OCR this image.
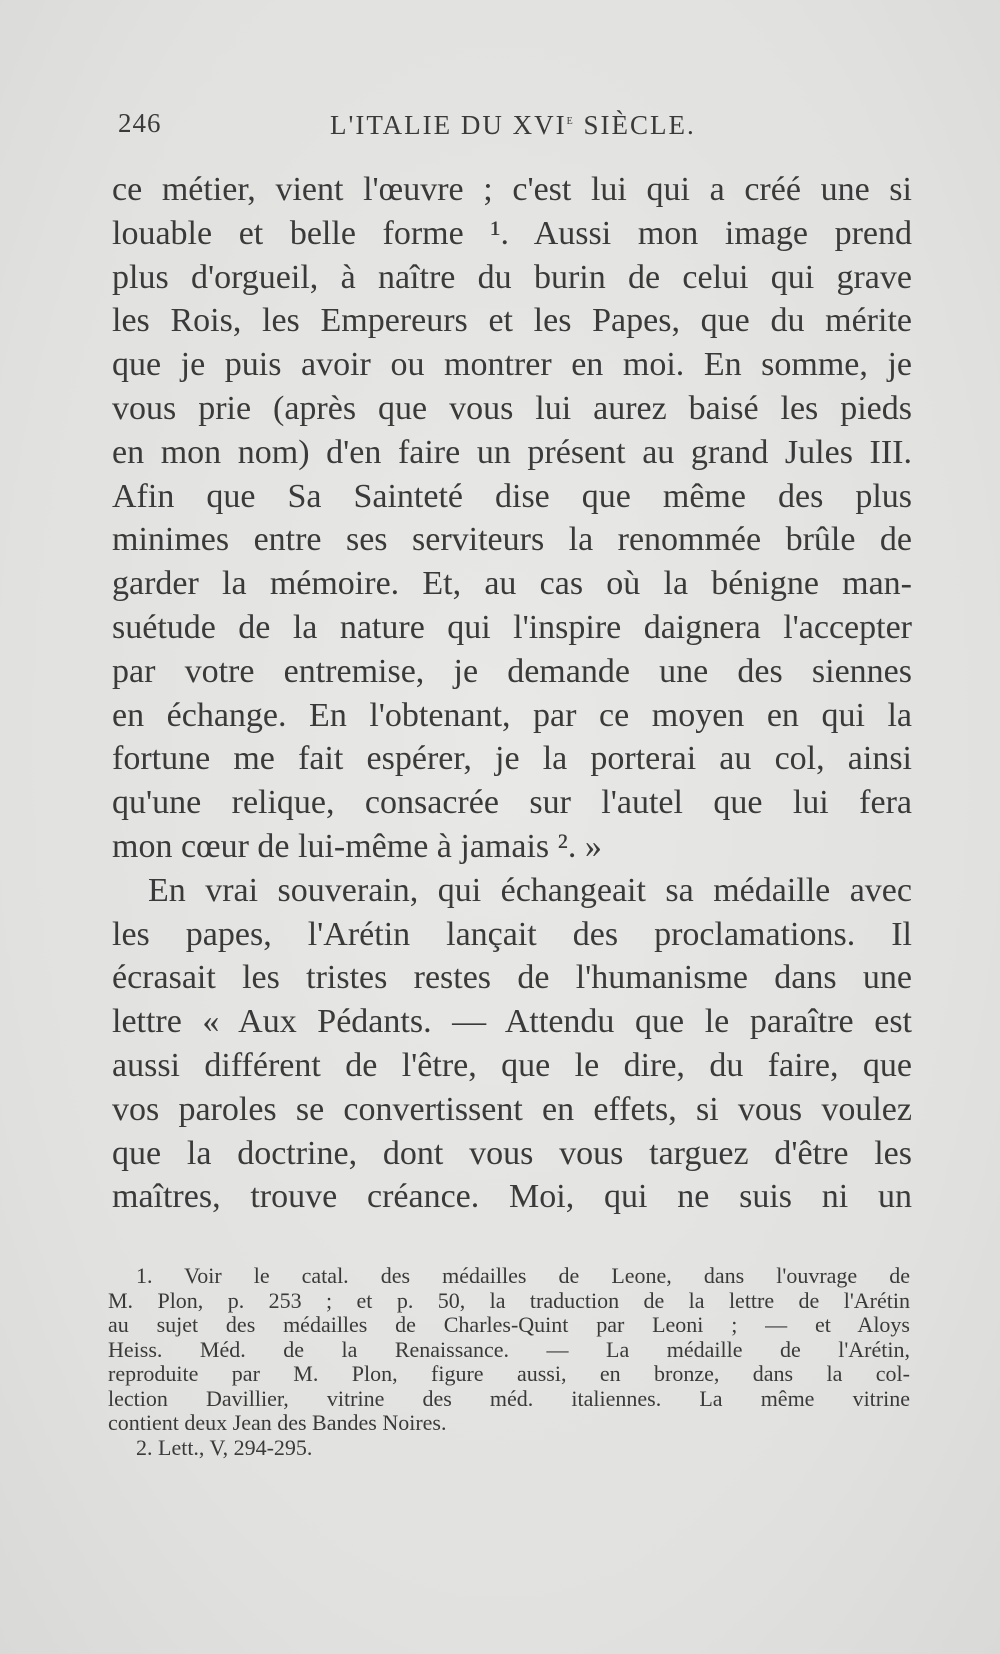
246	L'ITALIE DU XVIe SIÈCLE.
ce métier, vient l'œuvre ; c'est lui qui a créé une si
louable et belle forme ¹. Aussi mon image prend
plus d'orgueil, à naître du burin de celui qui grave
les Rois, les Empereurs et les Papes, que du mérite
que je puis avoir ou montrer en moi. En somme, je
vous prie (après que vous lui aurez baisé les pieds
en mon nom) d'en faire un présent au grand Jules III.
Afin que Sa Sainteté dise que même des plus
minimes entre ses serviteurs la renommée brûle de
garder la mémoire. Et, au cas où la bénigne man-
suétude de la nature qui l'inspire daignera l'accepter
par votre entremise, je demande une des siennes
en échange. En l'obtenant, par ce moyen en qui la
fortune me fait espérer, je la porterai au col, ainsi
qu'une relique, consacrée sur l'autel que lui fera
mon cœur de lui-même à jamais ². »
En vrai souverain, qui échangeait sa médaille avec
les papes, l'Arétin lançait des proclamations. Il
écrasait les tristes restes de l'humanisme dans une
lettre « Aux Pédants. — Attendu que le paraître est
aussi différent de l'être, que le dire, du faire, que
vos paroles se convertissent en effets, si vous voulez
que la doctrine, dont vous vous targuez d'être les
maîtres, trouve créance. Moi, qui ne suis ni un
1. Voir le catal. des médailles de Leone, dans l'ouvrage de
M. Plon, p. 253 ; et p. 50, la traduction de la lettre de l'Arétin
au sujet des médailles de Charles-Quint par Leoni ; — et Aloys
Heiss. Méd. de la Renaissance. — La médaille de l'Arétin,
reproduite par M. Plon, figure aussi, en bronze, dans la col-
lection Davillier, vitrine des méd. italiennes. La même vitrine
contient deux Jean des Bandes Noires.
2. Lett., V, 294-295.
